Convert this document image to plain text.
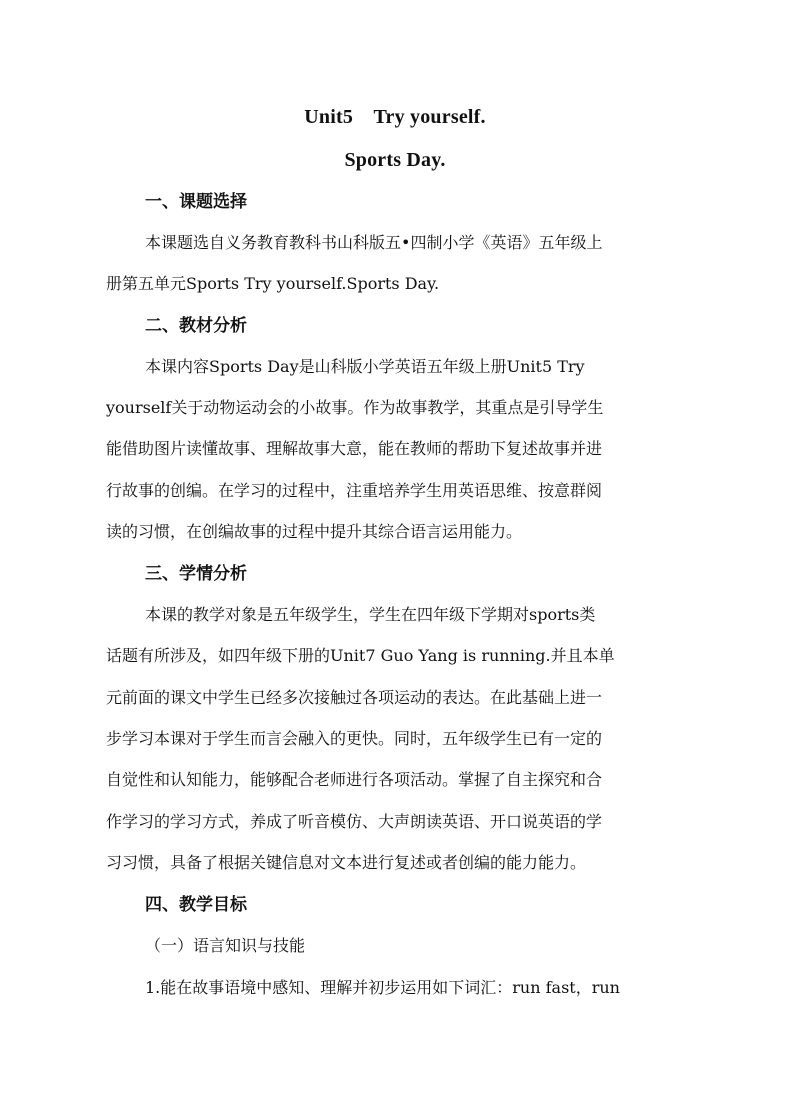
Unit5    Try yourself.
Sports Day.
一、课题选择
本课题选自义务教育教科书山科版五•四制小学《英语》五年级上
册第五单元Sports Try yourself.Sports Day.
二、教材分析
本课内容Sports Day是山科版小学英语五年级上册Unit5 Try
yourself关于动物运动会的小故事。作为故事教学，其重点是引导学生
能借助图片读懂故事、理解故事大意，能在教师的帮助下复述故事并进
行故事的创编。在学习的过程中，注重培养学生用英语思维、按意群阅
读的习惯，在创编故事的过程中提升其综合语言运用能力。
三、学情分析
本课的教学对象是五年级学生，学生在四年级下学期对sports类
话题有所涉及，如四年级下册的Unit7 Guo Yang is running.并且本单
元前面的课文中学生已经多次接触过各项运动的表达。在此基础上进一
步学习本课对于学生而言会融入的更快。同时，五年级学生已有一定的
自觉性和认知能力，能够配合老师进行各项活动。掌握了自主探究和合
作学习的学习方式，养成了听音模仿、大声朗读英语、开口说英语的学
习习惯，具备了根据关键信息对文本进行复述或者创编的能力能力。
四、教学目标
（一）语言知识与技能
1.能在故事语境中感知、理解并初步运用如下词汇：run fast，run
